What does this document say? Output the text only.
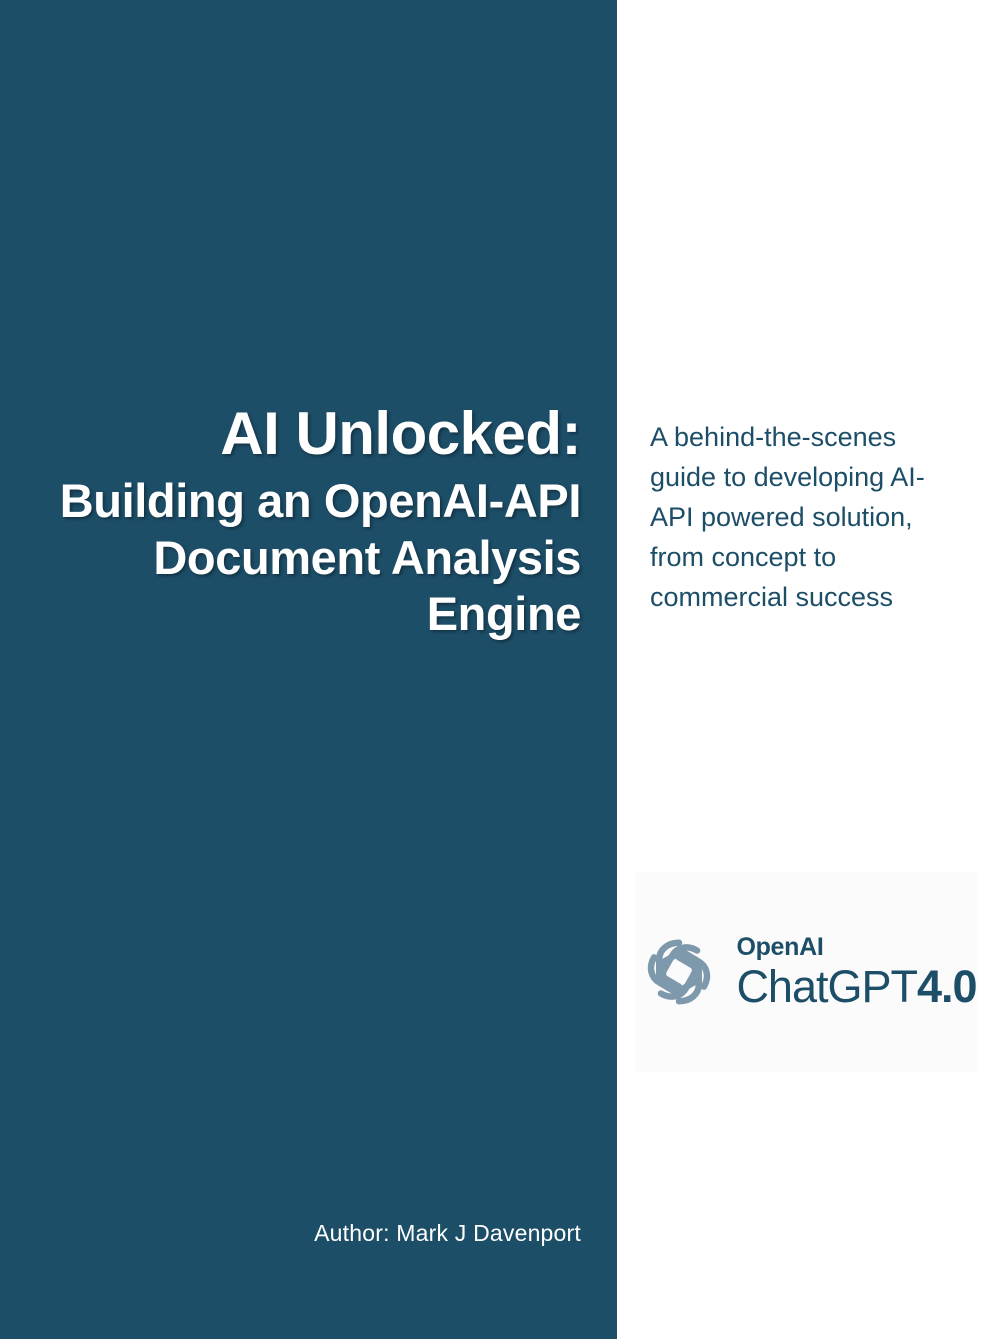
AI Unlocked:
Building an OpenAI-API Document Analysis Engine
Author: Mark J Davenport
A behind-the-scenes guide to developing AI-API powered solution, from concept to commercial success
OpenAI
ChatGPT 4.0
